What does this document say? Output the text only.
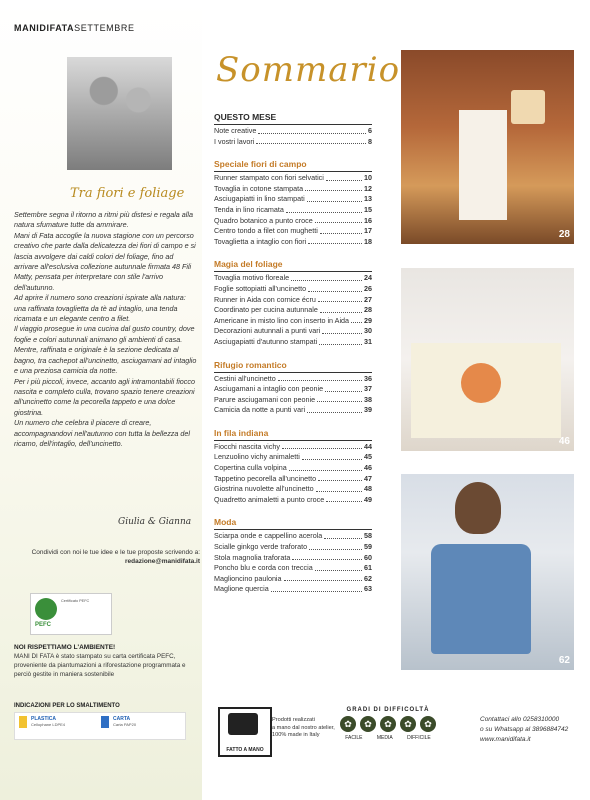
MANIDIFATASETTEMBRE
Tra fiori e foliage

Settembre segna il ritorno a ritmi più distesi e regala alla natura sfumature tutte da ammirare.

Mani di Fata accoglie la nuova stagione con un percorso creativo che parte dalla delicatezza dei fiori di campo e si lascia avvolgere dai caldi colori del foliage, fino ad arrivare all'esclusiva collezione autunnale firmata 48 Fili Matty, pensata per interpretare con stile l'arrivo dell'autunno.

Ad aprire il numero sono creazioni ispirate alla natura: una raffinata tovaglietta da tè ad intaglio, una tenda ricamata e un elegante centro a filet.

Il viaggio prosegue in una cucina dal gusto country, dove foglie e colori autunnali animano gli ambienti di casa.

Mentre, raffinata e originale è la sezione dedicata al bagno, tra cachepot all'uncinetto, asciugamani ad intaglio e una preziosa camicia da notte.

Per i più piccoli, invece, accanto agli intramontabili fiocco nascita e completo culla, trovano spazio tenere creazioni all'uncinetto come la pecorella tappeto e una dolce giostrina.

Un numero che celebra il piacere di creare, accompagnandovi nell'autunno con tutta la bellezza del ricamo, dell'intaglio, dell'uncinetto.

Giulia & Gianna
Condividi con noi le tue idee e le tue proposte scrivendo a:
redazione@manidifata.it
PEFC
Certificato PEFC
NOI RISPETTIAMO L'AMBIENTE!
MANI DI FATA è stato stampato su carta certificata PEFC, proveniente da piantumazioni a riforestazione programmata e perciò gestite in maniera sostenibile
INDICAZIONI PER LO SMALTIMENTO
PLASTICA
Cellophane LDPE4
CARTA
Carta PAP20
Sommario
QUESTO MESE
Note creative	6
I vostri lavori	8
Speciale fiori di campo
Runner stampato con fiori selvatici	10
Tovaglia in cotone stampata	12
Asciugapiatti in lino stampati	13
Tenda in lino ricamata	15
Quadro botanico a punto croce	16
Centro tondo a filet con mughetti	17
Tovaglietta a intaglio con fiori	18
Magia del foliage
Tovaglia motivo floreale	24
Foglie sottopiatti all'uncinetto	26
Runner in Aida con cornice écru	27
Coordinato per cucina autunnale	28
Americane in misto lino con inserto in Aida 29
Decorazioni autunnali a punti vari	30
Asciugapiatti d'autunno stampati	31
Rifugio romantico
Cestini all'uncinetto	36
Asciugamani a intaglio con peonie	37
Parure asciugamani con peonie	38
Camicia da notte a punti vari	39
In fila indiana
Fiocchi nascita vichy	44
Lenzuolino vichy animaletti	45
Copertina culla volpina	46
Tappetino pecorella all'uncinetto	47
Giostrina nuvolette all'uncinetto	48
Quadretto animaletti a punto croce	49
Moda
Sciarpa onde e cappellino acerola	58
Scialle ginkgo verde traforato	59
Stola magnolia traforata	60
Poncho blu e corda con treccia	61
Maglioncino paulonia	62
Maglione quercia	63
28
46
62
FATTO A MANO
Prodotti realizzati
a mano dal nostro atelier,
100% made in Italy
GRADI DI DIFFICOLTÀ
✿	✿	✿	✿	✿
FACILE	MEDIA	DIFFICILE
Contattaci allo 0258310000
o su Whatsapp al 3896884742
www.manidifata.it
